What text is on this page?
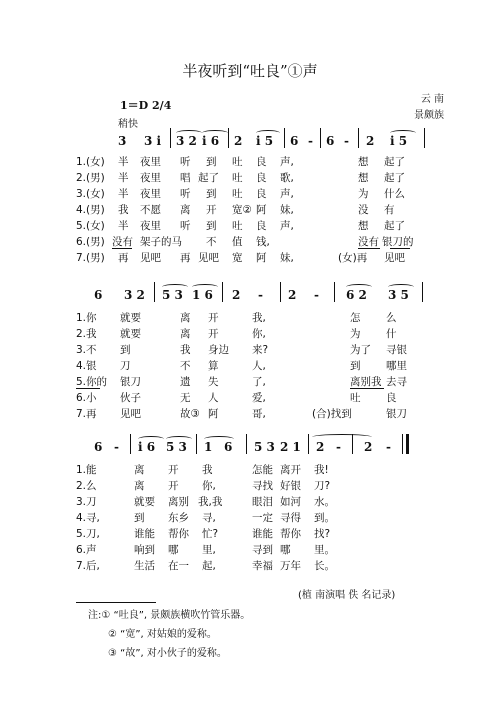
半夜听到“吐良”①声
云 南
景颇族
1＝D 2/4
稍快
3 3 i 3 2 i 6 2 i 5 6 - 6 - 2 i 5
1.(女) 半 夜里 听 到 吐 良 声,	想 起了
2.(男) 半 夜里 唱 起了 吐 良 歌,	想 起了
3.(女) 半 夜里 听 到 吐 良 声,	为 什么
4.(男) 我 不愿 离 开 宽② 阿 妹,	没 有
5.(女) 半 夜里 听 到 吐 良 声,	想 起了
6.(男) 没有 架子的马 不 值 钱,	没有 银刀的
7.(男) 再 见吧 再 见吧 宽 阿 妹,	(女)再 见吧
6 3 2 5 3 1 6 2 - 2 - 6 2 3 5
1.你 就要	离 开	我,	怎 么
2.我 就要	离 开	你,	为 什
3.不 到	我 身边 来?	为了 寻银
4.银 刀	不 算	人,	到 哪里
5.你的 银刀	遗 失	了,	离别我 去寻
6.小 伙子	无 人	爱,	吐 良
7.再 见吧	故③ 阿	哥,	(合)找到	银刀
6 - i 6 5 3 1 6 5 3 2 1 2 - 2 -
1.能	离 开 我	怎能 离开 我!
2.么	离 开 你,	寻找 好银 刀?
3.刀	就要 离别 我,我	眼泪 如河 水。
4.寻,	到 东乡 寻,	一定 寻得 到。
5.刀,	谁能 帮你 忙?	谁能 帮你 找?
6.声	响到 哪 里,	寻到 哪 里。
7.后,	生活 在一 起,	幸福 万年 长。
(植 南演唱 佚 名记录)
注:① “吐良”, 景颇族横吹竹管乐器。
② “宽”, 对姑娘的爱称。
③ “故”, 对小伙子的爱称。
